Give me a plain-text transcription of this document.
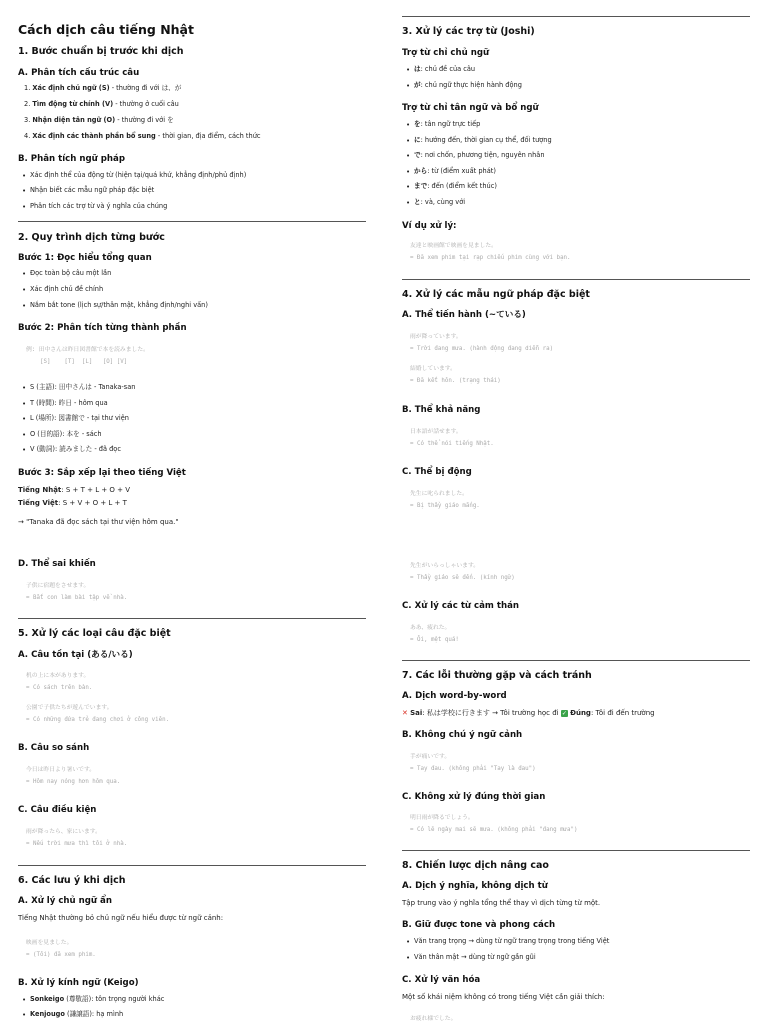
Cách dịch câu tiếng Nhật
1. Bước chuẩn bị trước khi dịch
A. Phân tích cấu trúc câu
1. Xác định chủ ngữ (S) - thường đi với は、が
2. Tìm động từ chính (V) - thường ở cuối câu
3. Nhận diện tân ngữ (O) - thường đi với を
4. Xác định các thành phần bổ sung - thời gian, địa điểm, cách thức
B. Phân tích ngữ pháp
• Xác định thể của động từ (hiện tại/quá khứ, khẳng định/phủ định)
• Nhận biết các mẫu ngữ pháp đặc biệt
• Phân tích các trợ từ và ý nghĩa của chúng
2. Quy trình dịch từng bước
Bước 1: Đọc hiểu tổng quan
• Đọc toàn bộ câu một lần
• Xác định chủ đề chính
• Nắm bắt tone (lịch sự/thân mật, khẳng định/nghi vấn)
Bước 2: Phân tích từng thành phần
例: 田中さんは昨日図書館で本を読みました。
[S]    [T]  [L]   [O] [V]
• S (主語): 田中さんは - Tanaka-san
• T (時間): 昨日 - hôm qua
• L (場所): 図書館で - tại thư viện
• O (目的語): 本を - sách
• V (動詞): 読みました - đã đọc
Bước 3: Sắp xếp lại theo tiếng Việt
Tiếng Nhật: S + T + L + O + V
Tiếng Việt: S + V + O + L + T
→ "Tanaka đã đọc sách tại thư viện hôm qua."
D. Thể sai khiến
子供に宿題をさせます。
= Bắt con làm bài tập về nhà.
5. Xử lý các loại câu đặc biệt
A. Câu tồn tại (ある/いる)
机の上に本があります。
= Có sách trên bàn.
公園で子供たちが遊んでいます。
= Có những đứa trẻ đang chơi ở công viên.
B. Câu so sánh
今日は昨日より暑いです。
= Hôm nay nóng hơn hôm qua.
C. Câu điều kiện
雨が降ったら、家にいます。
= Nếu trời mưa thì tôi ở nhà.
6. Các lưu ý khi dịch
A. Xử lý chủ ngữ ẩn
Tiếng Nhật thường bỏ chủ ngữ nếu hiểu được từ ngữ cảnh:
映画を見ました。
= (Tôi) đã xem phim.
B. Xử lý kính ngữ (Keigo)
• Sonkeigo (尊敬語): tôn trọng người khác
• Kenjougo (謙譲語): hạ mình
3. Xử lý các trợ từ (Joshi)
Trợ từ chỉ chủ ngữ
• は: chủ đề của câu
• が: chủ ngữ thực hiện hành động
Trợ từ chỉ tân ngữ và bổ ngữ
• を: tân ngữ trực tiếp
• に: hướng đến, thời gian cụ thể, đối tượng
• で: nơi chốn, phương tiện, nguyên nhân
• から: từ (điểm xuất phát)
• まで: đến (điểm kết thúc)
• と: và, cùng với
Ví dụ xử lý:
友達と映画館で映画を見ました。
= Đã xem phim tại rạp chiếu phim cùng với bạn.
4. Xử lý các mẫu ngữ pháp đặc biệt
A. Thể tiến hành (~ている)
雨が降っています。
= Trời đang mưa. (hành động đang diễn ra)
結婚しています。
= Đã kết hôn. (trạng thái)
B. Thể khả năng
日本語が話せます。
= Có thể nói tiếng Nhật.
C. Thể bị động
先生に叱られました。
= Bị thầy giáo mắng.
先生がいらっしゃいます。
= Thầy giáo sẽ đến. (kính ngữ)
C. Xử lý các từ cảm thán
ああ、疲れた。
= Ôi, mệt quá!
7. Các lỗi thường gặp và cách tránh
A. Dịch word-by-word
✕ Sai: 私は学校に行きます → Tôi trường học đi ✓ Đúng: Tôi đi đến trường
B. Không chú ý ngữ cảnh
手が痛いです。
= Tay đau. (không phải "Tay là đau")
C. Không xử lý đúng thời gian
明日雨が降るでしょう。
= Có lẽ ngày mai sẽ mưa. (không phải "đang mưa")
8. Chiến lược dịch nâng cao
A. Dịch ý nghĩa, không dịch từ
Tập trung vào ý nghĩa tổng thể thay vì dịch từng từ một.
B. Giữ được tone và phong cách
• Văn trang trọng → dùng từ ngữ trang trọng trong tiếng Việt
• Văn thân mật → dùng từ ngữ gần gũi
C. Xử lý văn hóa
Một số khái niệm không có trong tiếng Việt cần giải thích:
お疲れ様でした。
